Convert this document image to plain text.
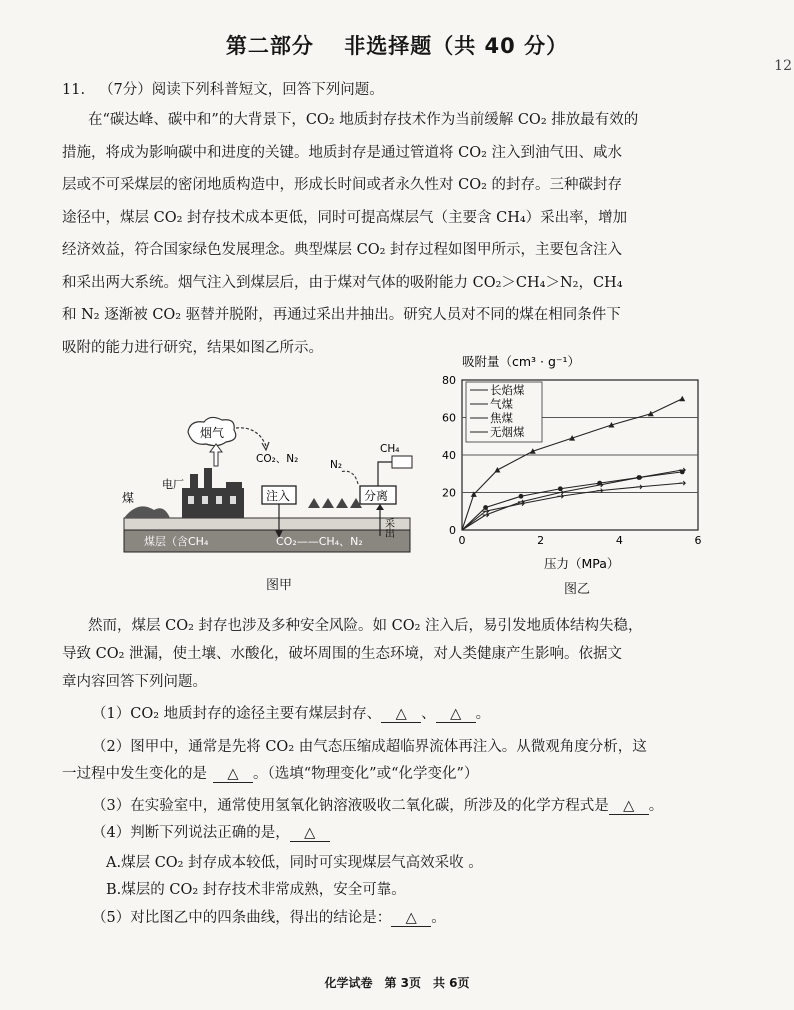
第二部分　 非选择题（共 40 分）
12
11. （7分）阅读下列科普短文，回答下列问题。
在“碳达峰、碳中和”的大背景下，CO₂ 地质封存技术作为当前缓解 CO₂ 排放最有效的
措施，将成为影响碳中和进度的关键。地质封存是通过管道将 CO₂ 注入到油气田、咸水
层或不可采煤层的密闭地质构造中，形成长时间或者永久性对 CO₂ 的封存。三种碳封存
途径中，煤层 CO₂ 封存技术成本更低，同时可提高煤层气（主要含 CH₄）采出率，增加
经济效益，符合国家绿色发展理念。典型煤层 CO₂ 封存过程如图甲所示，主要包含注入
和采出两大系统。烟气注入到煤层后，由于煤对气体的吸附能力 CO₂＞CH₄＞N₂，CH₄
和 N₂ 逐渐被 CO₂ 驱替并脱附，再通过采出井抽出。研究人员对不同的煤在相同条件下
吸附的能力进行研究，结果如图乙所示。
烟气
CO₂、N₂
电厂
煤	注入
N₂
分离
CH₄
采出
煤层（含CH₄	CO₂——CH₄、N₂
图甲
吸附量（cm³ · g⁻¹）
压力（MPa）
0
20
40
60
80
0	2	4	6
长焰煤
气煤
焦煤
无烟煤
图乙
然而，煤层 CO₂ 封存也涉及多种安全风险。如 CO₂ 注入后，易引发地质体结构失稳，
导致 CO₂ 泄漏，使土壤、水酸化，破坏周围的生态环境，对人类健康产生影响。依据文
章内容回答下列问题。
（1）CO₂ 地质封存的途径主要有煤层封存、 △ 、 △ 。
（2）图甲中，通常是先将 CO₂ 由气态压缩成超临界流体再注入。从微观角度分析，这
一过程中发生变化的是 △ 。（选填“物理变化”或“化学变化”）
（3）在实验室中，通常使用氢氧化钠溶液吸收二氧化碳，所涉及的化学方程式是 △ 。
（4）判断下列说法正确的是， △
A.煤层 CO₂ 封存成本较低，同时可实现煤层气高效采收 。
B.煤层的 CO₂ 封存技术非常成熟，安全可靠。
（5）对比图乙中的四条曲线，得出的结论是： △ 。
化学试卷　第 3页　共 6页
